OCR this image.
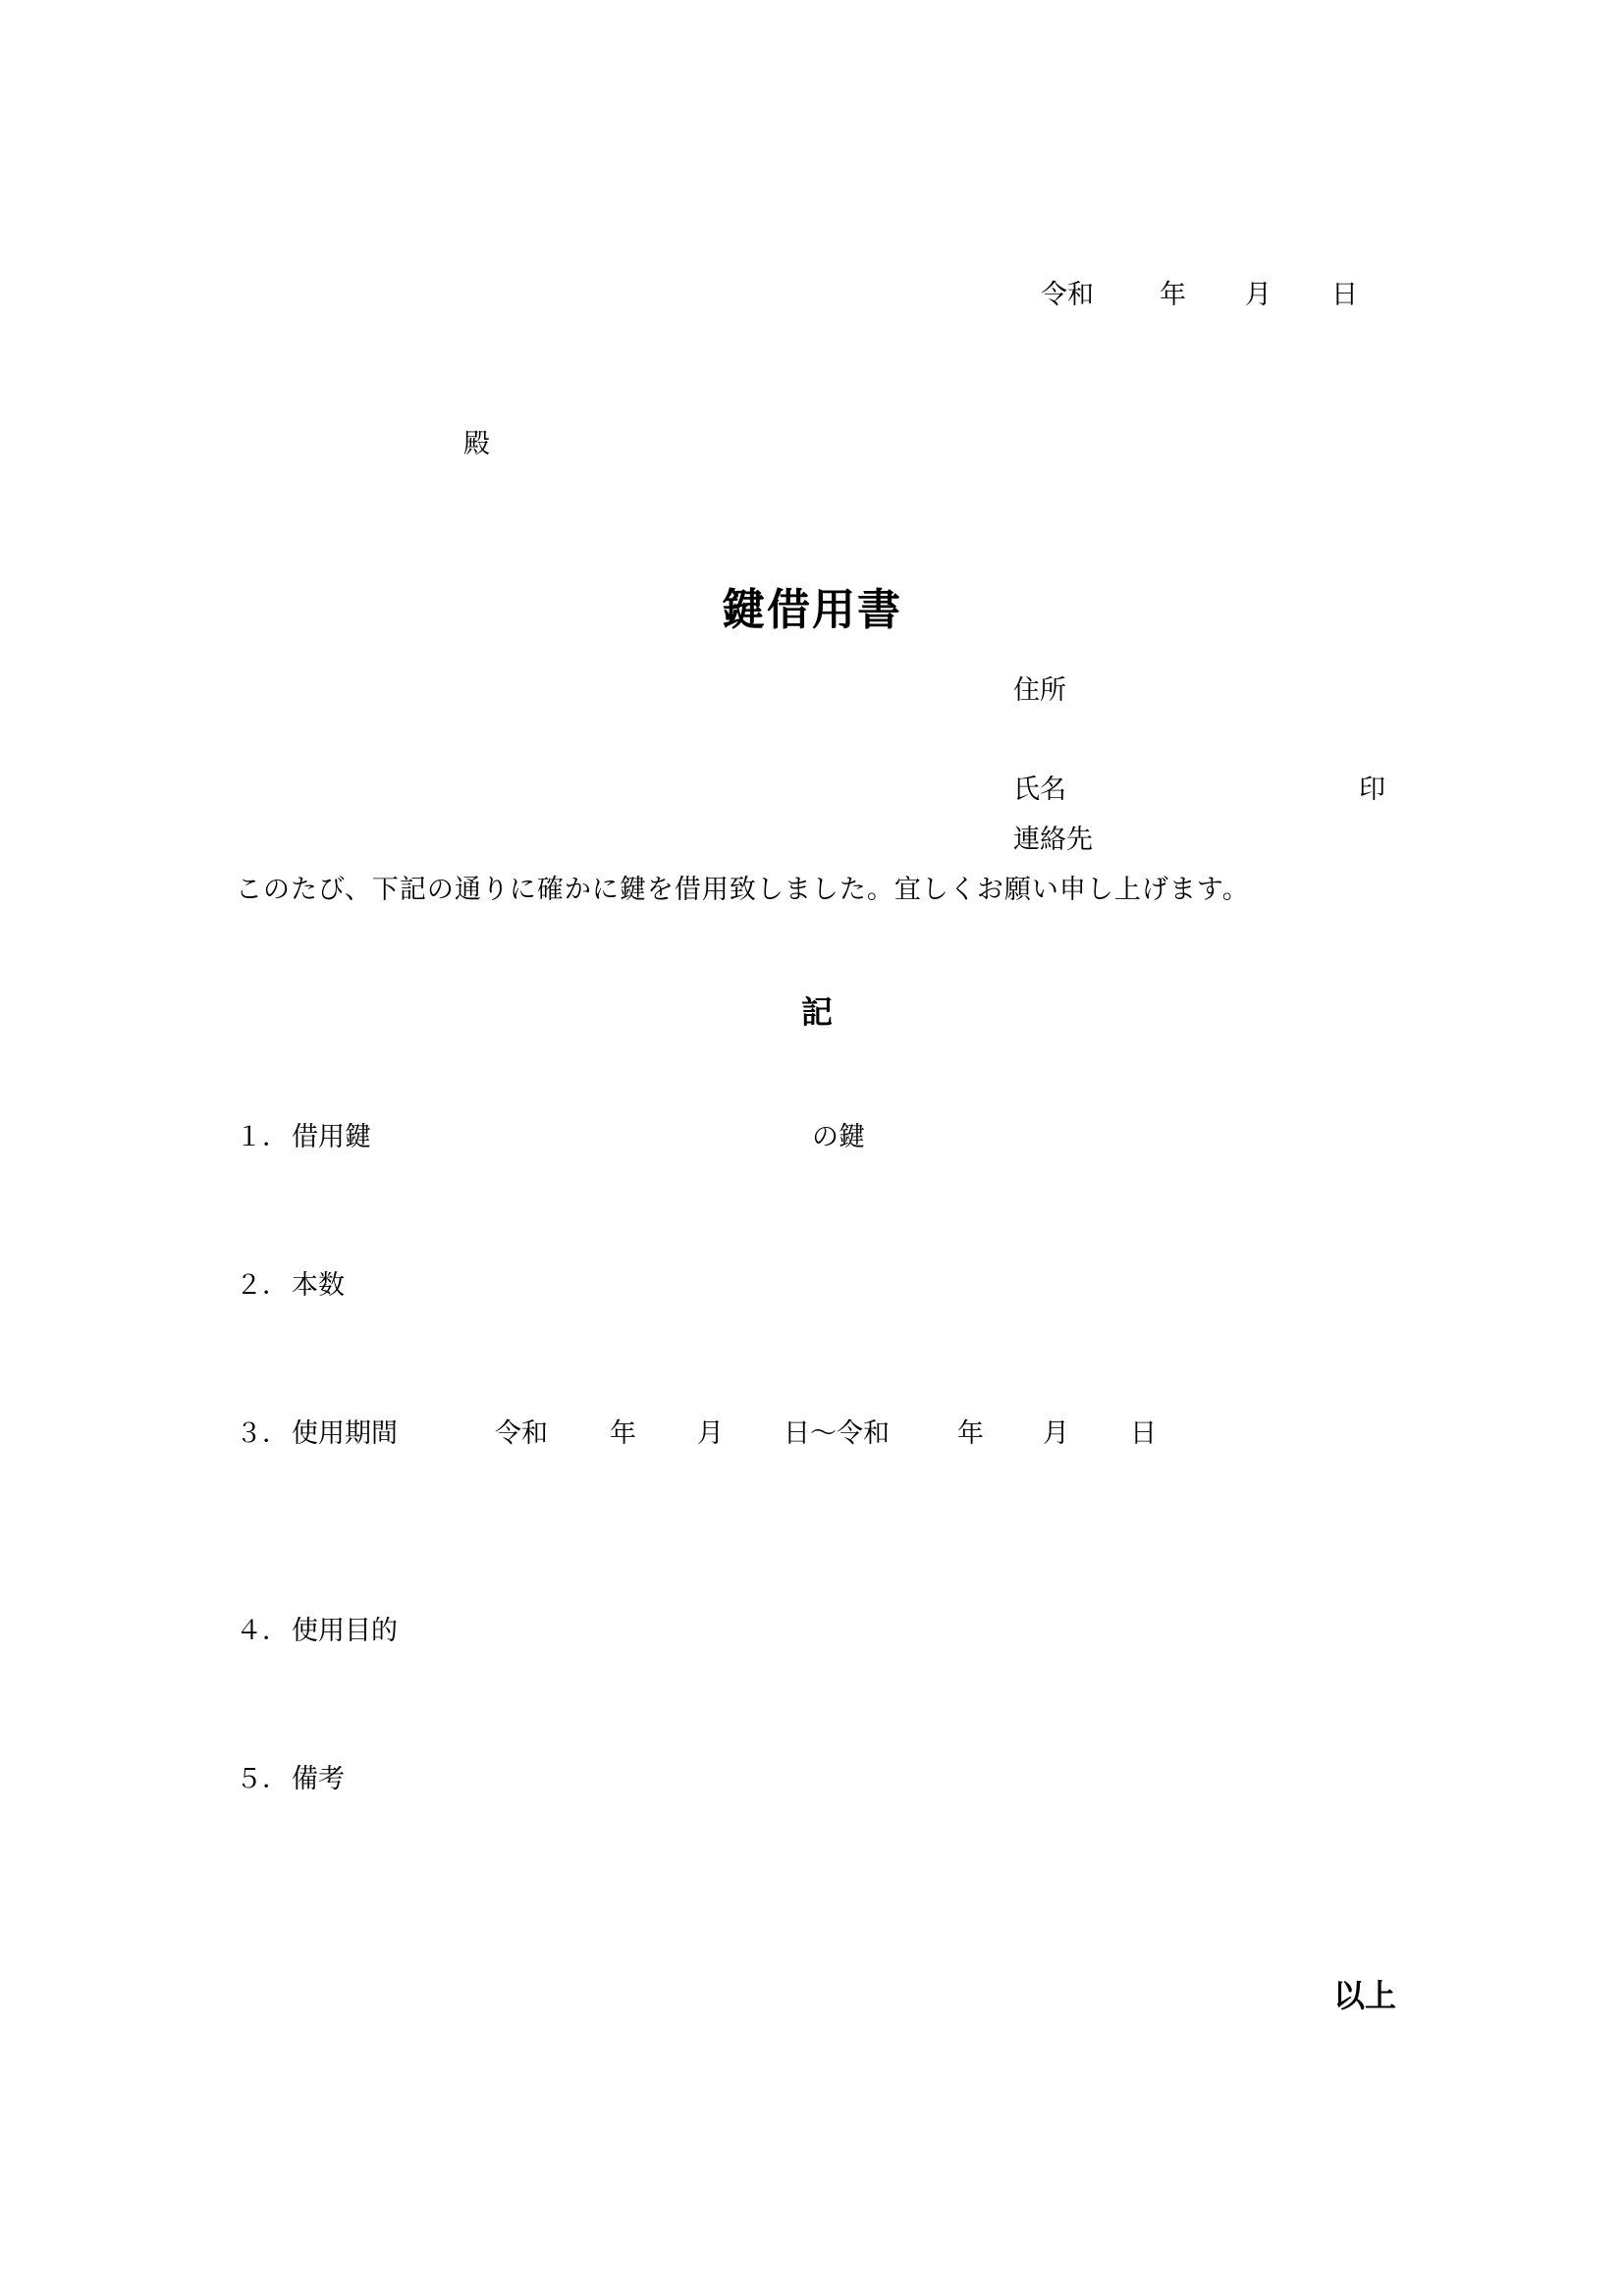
令和 年 月 日
殿
鍵借用書
住所
氏名	印
連絡先
このたび、下記の通りに確かに鍵を借用致しました。宜しくお願い申し上げます。
記
１． 借用鍵	の鍵
２． 本数
３． 使用期間	令和 年 月 日～令和	年 月 日
４． 使用目的
５． 備考
以上
